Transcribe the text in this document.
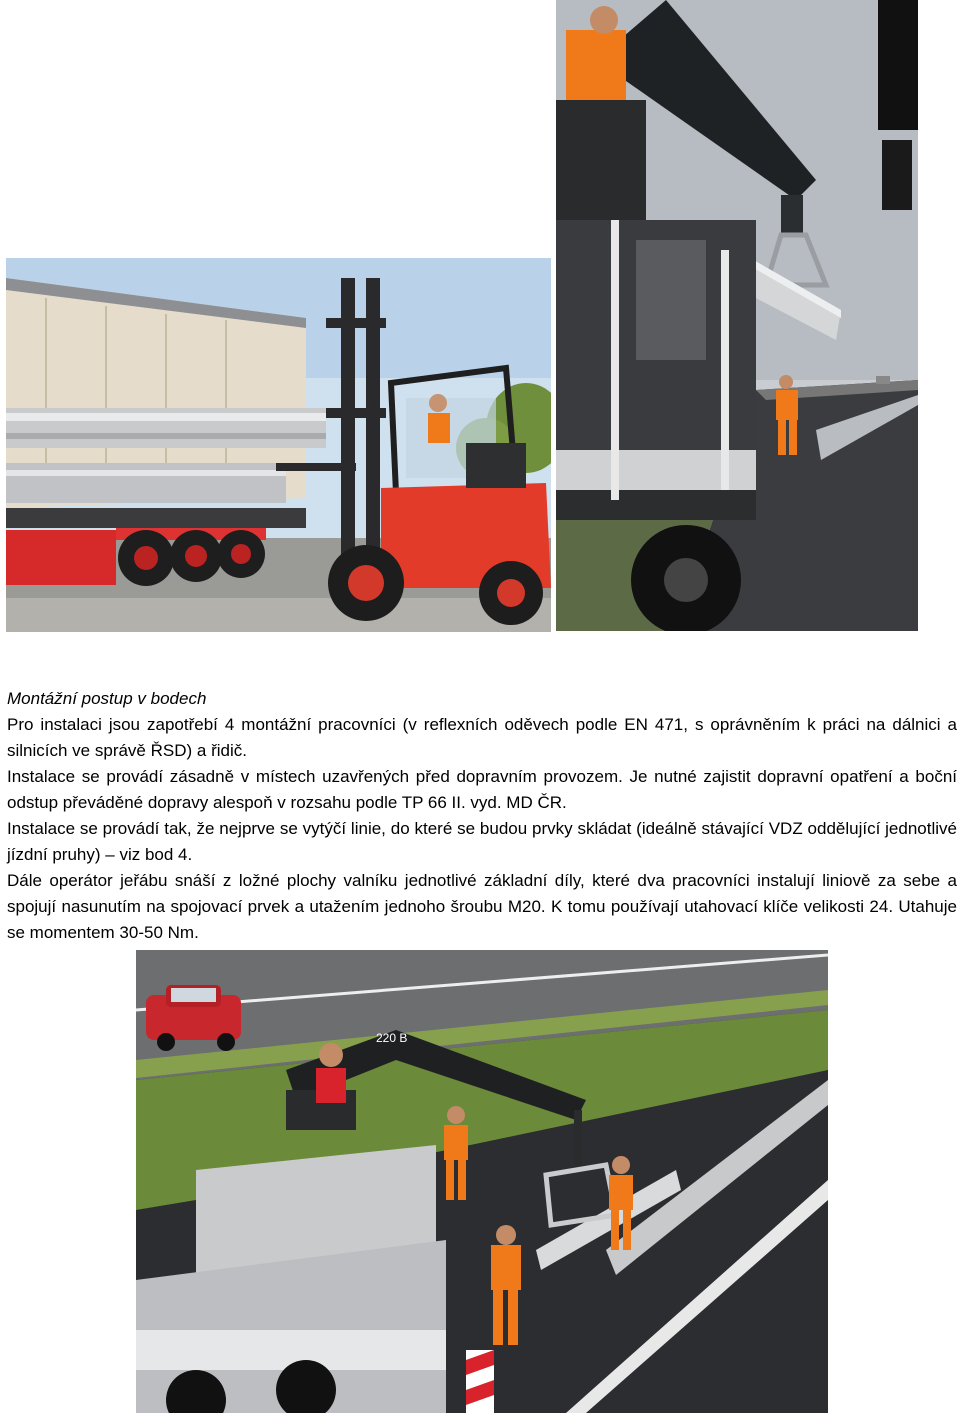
Montážní postup v bodech

Pro instalaci jsou zapotřebí 4 montážní pracovníci (v reflexních oděvech podle EN 471, s oprávněním k práci na dálnici a silnicích ve správě ŘSD) a řidič.

Instalace se provádí zásadně v místech uzavřených před dopravním provozem. Je nutné zajistit dopravní opatření a boční odstup převáděné dopravy alespoň v rozsahu podle TP 66 II. vyd. MD ČR.

Instalace se provádí tak, že nejprve se vytýčí linie, do které se budou prvky skládat (ideálně stávající VDZ oddělující jednotlivé jízdní pruhy) – viz bod 4.

Dále operátor jeřábu snáší z ložné plochy valníku jednotlivé základní díly, které dva pracovníci instalují liniově za sebe a spojují nasunutím na spojovací prvek a utažením jednoho šroubu M20. K tomu používají utahovací klíče velikosti 24. Utahuje se momentem 30-50 Nm.

220 B
